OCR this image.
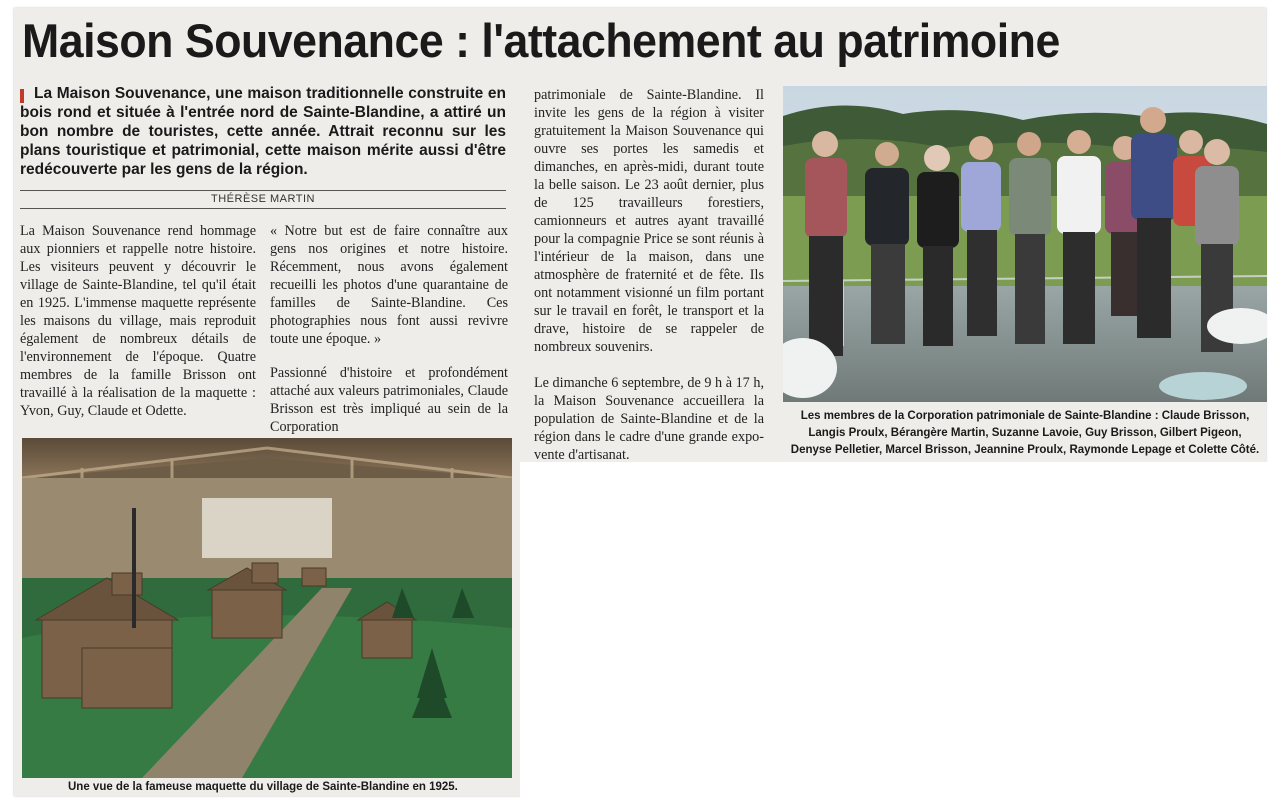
Maison Souvenance : l'attachement au patrimoine
La Maison Souvenance, une maison traditionnelle construite en bois rond et située à l'entrée nord de Sainte-Blandine, a attiré un bon nombre de touristes, cette année. Attrait reconnu sur les plans touristique et patrimonial, cette maison mérite aussi d'être redécouverte par les gens de la région.
THÉRÈSE MARTIN

La Maison Souvenance rend hommage aux pionniers et rappelle notre histoire. Les visiteurs peuvent y découvrir le village de Sainte-Blandine, tel qu'il était en 1925. L'immense maquette représente les maisons du village, mais reproduit également de nombreux détails de l'environnement de l'époque. Quatre membres de la famille Brisson ont travaillé à la réalisation de la maquette : Yvon, Guy, Claude et Odette.

« Notre but est de faire connaître aux gens nos origines et notre histoire. Récemment, nous avons également recueilli les photos d'une quarantaine de familles de Sainte-Blandine. Ces photographies nous font aussi revivre toute une époque. »

Passionné d'histoire et profondément attaché aux valeurs patrimoniales, Claude Brisson est très impliqué au sein de la Corporation

patrimoniale de Sainte-Blandine. Il invite les gens de la région à visiter gratuitement la Maison Souvenance qui ouvre ses portes les samedis et dimanches, en après-midi, durant toute la belle saison. Le 23 août dernier, plus de 125 travailleurs forestiers, camionneurs et autres ayant travaillé pour la compagnie Price se sont réunis à l'intérieur de la maison, dans une atmosphère de fraternité et de fête. Ils ont notamment visionné un film portant sur le travail en forêt, le transport et la drave, histoire de se rappeler de nombreux souvenirs.

Le dimanche 6 septembre, de 9 h à 17 h, la Maison Souvenance accueillera la population de Sainte-Blandine et de la région dans le cadre d'une grande expo-vente d'artisanat.

Les membres de la Corporation patrimoniale de Sainte-Blandine : Claude Brisson, Langis Proulx, Bérangère Martin, Suzanne Lavoie, Guy Brisson, Gilbert Pigeon, Denyse Pelletier, Marcel Brisson, Jeannine Proulx, Raymonde Lepage et Colette Côté.
Une vue de la fameuse maquette du village de Sainte-Blandine en 1925.
